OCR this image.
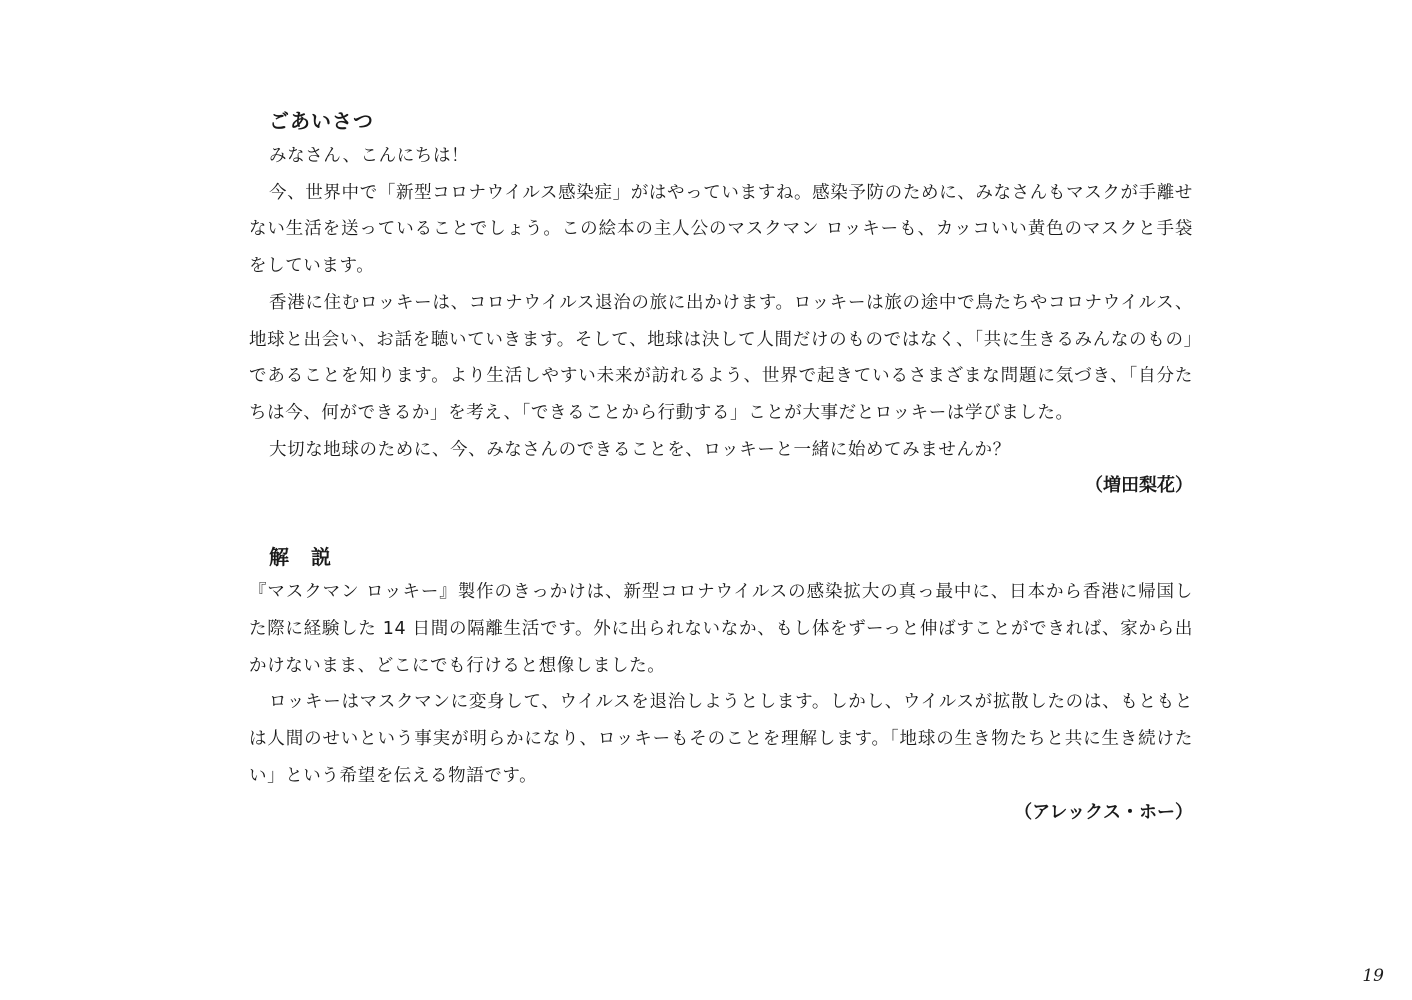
ごあいさつ

みなさん、こんにちは！

今、世界中で「新型コロナウイルス感染症」がはやっていますね。感染予防のために、みなさんもマスクが手離せない生活を送っていることでしょう。この絵本の主人公のマスクマン ロッキーも、カッコいい黄色のマスクと手袋をしています。

香港に住むロッキーは、コロナウイルス退治の旅に出かけます。ロッキーは旅の途中で鳥たちやコロナウイルス、地球と出会い、お話を聴いていきます。そして、地球は決して人間だけのものではなく、「共に生きるみんなのもの」であることを知ります。より生活しやすい未来が訪れるよう、世界で起きているさまざまな問題に気づき、「自分たちは今、何ができるか」を考え、「できることから行動する」ことが大事だとロッキーは学びました。

大切な地球のために、今、みなさんのできることを、ロッキーと一緒に始めてみませんか？

（増田梨花）

解　説

『マスクマン ロッキー』製作のきっかけは、新型コロナウイルスの感染拡大の真っ最中に、日本から香港に帰国した際に経験した 14 日間の隔離生活です。外に出られないなか、もし体をずーっと伸ばすことができれば、家から出かけないまま、どこにでも行けると想像しました。

ロッキーはマスクマンに変身して、ウイルスを退治しようとします。しかし、ウイルスが拡散したのは、もともとは人間のせいという事実が明らかになり、ロッキーもそのことを理解します。「地球の生き物たちと共に生き続けたい」という希望を伝える物語です。

（アレックス・ホー）

19
